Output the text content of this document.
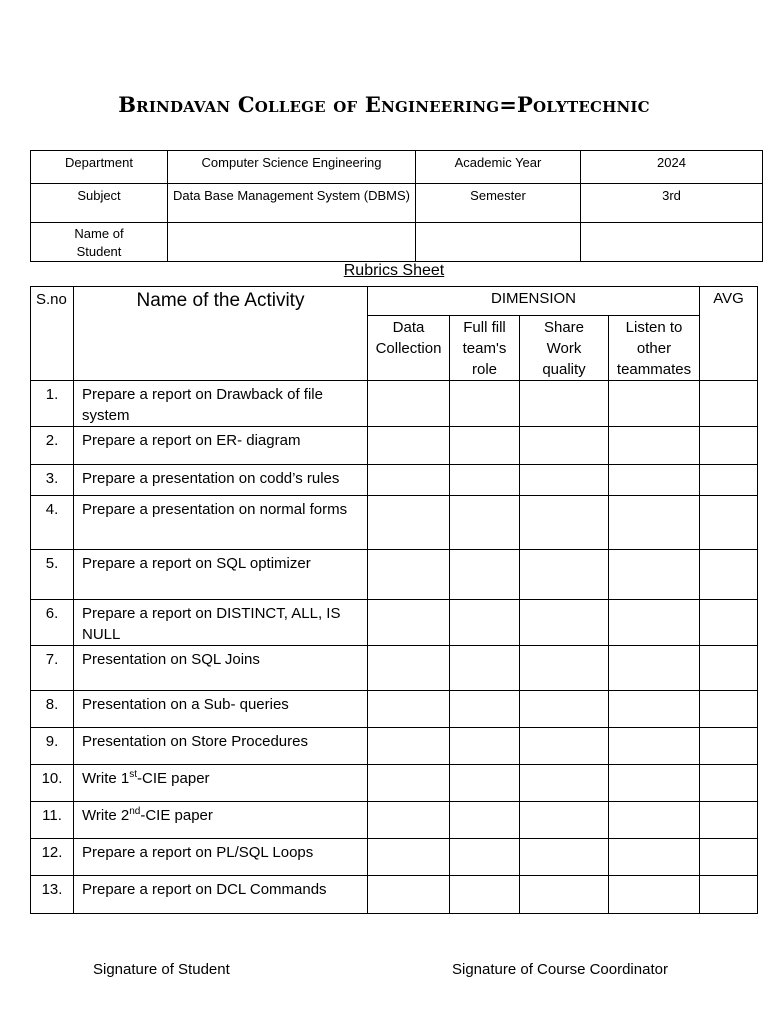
Brindavan College of Engineering=Polytechnic
Department	Computer Science Engineering	Academic Year	2024
Subject	Data Base Management System (DBMS)	Semester	3rd
Name of Student			
Rubrics Sheet
S.no	Name of the Activity	DIMENSION				AVG
		Data Collection	Full fill team's role	Share Work quality	Listen to other teammates	
1.	Prepare a report on Drawback of file system					
2.	Prepare a report on ER- diagram					
3.	Prepare a presentation on codd’s rules					
4.	Prepare a presentation on normal forms					
5.	Prepare a report on SQL optimizer					
6.	Prepare a report on DISTINCT, ALL, IS NULL					
7.	Presentation on SQL Joins					
8.	Presentation on a Sub- queries					
9.	Presentation on Store Procedures					
10.	Write 1st-CIE paper					
11.	Write 2nd-CIE paper					
12.	Prepare a report on PL/SQL Loops					
13.	Prepare a report on DCL Commands					
Signature of Student	Signature of Course Coordinator
